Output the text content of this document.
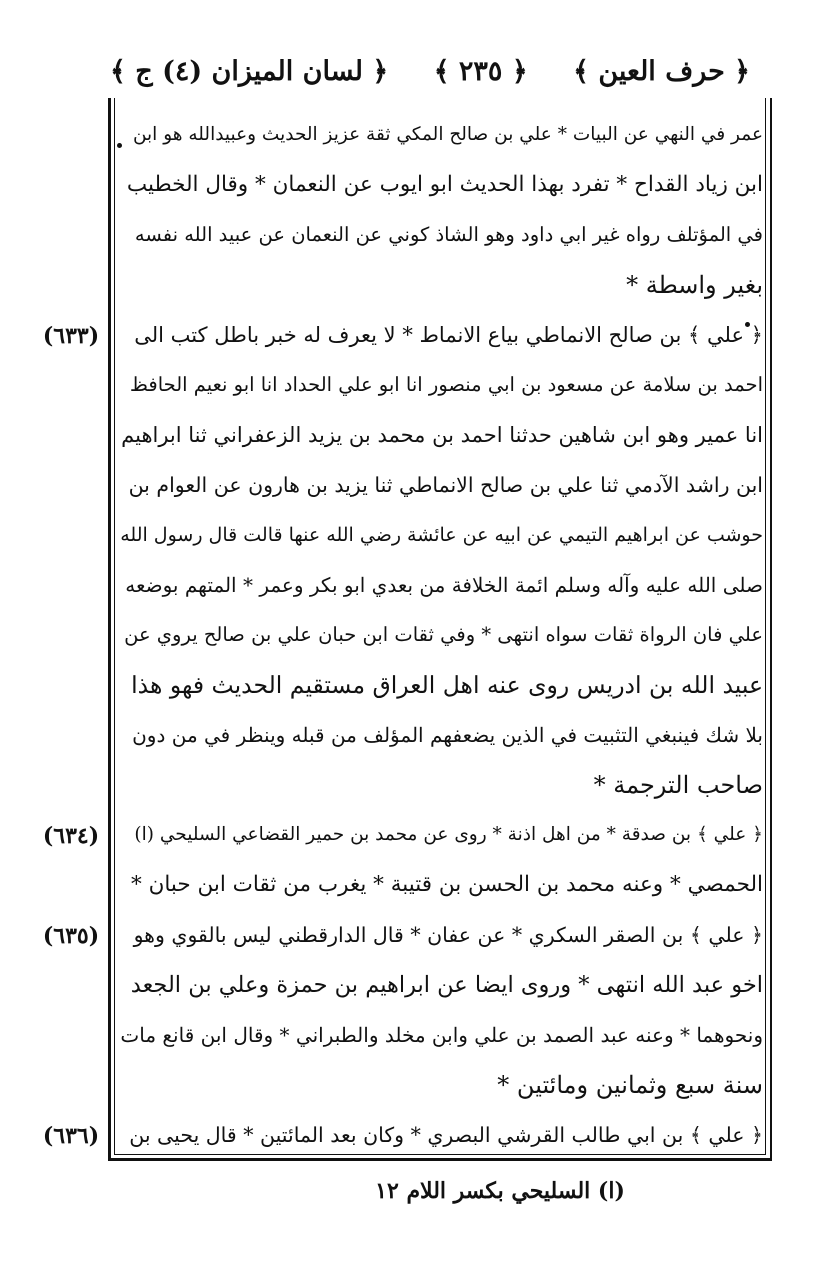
﴿ حرف العين ﴾
﴿ ٢٣٥ ﴾
﴿ لسان الميزان (٤) ج ﴾
عمر في النهي عن البيات * علي بن صالح المكي ثقة عزيز الحديث وعبيدالله هو ابن
ابن زياد القداح * تفرد بهذا الحديث ابو ايوب عن النعمان * وقال الخطيب
في المؤتلف رواه غير ابي داود وهو الشاذ كوني عن النعمان عن عبيد الله نفسه
بغير واسطة *
﴿ علي ﴾ بن صالح الانماطي بياع الانماط * لا يعرف له خبر باطل كتب الى
احمد بن سلامة عن مسعود بن ابي منصور انا ابو علي الحداد انا ابو نعيم الحافظ
انا عمير وهو ابن شاهين حدثنا احمد بن محمد بن يزيد الزعفراني ثنا ابراهيم
ابن راشد الآدمي ثنا علي بن صالح الانماطي ثنا يزيد بن هارون عن العوام بن
حوشب عن ابراهيم التيمي عن ابيه عن عائشة رضي الله عنها قالت قال رسول الله
صلى الله عليه وآله وسلم ائمة الخلافة من بعدي ابو بكر وعمر * المتهم بوضعه
علي فان الرواة ثقات سواه انتهى * وفي ثقات ابن حبان علي بن صالح يروي عن
عبيد الله بن ادريس روى عنه اهل العراق مستقيم الحديث فهو هذا
بلا شك فينبغي التثبيت في الذين يضعفهم المؤلف من قبله وينظر في من دون
صاحب الترجمة *
﴿ علي ﴾ بن صدقة * من اهل اذنة * روى عن محمد بن حمير القضاعي السليحي (ا)
الحمصي * وعنه محمد بن الحسن بن قتيبة * يغرب من ثقات ابن حبان *
﴿ علي ﴾ بن الصقر السكري * عن عفان * قال الدارقطني ليس بالقوي وهو
اخو عبد الله انتهى * وروى ايضا عن ابراهيم بن حمزة وعلي بن الجعد
ونحوهما * وعنه عبد الصمد بن علي وابن مخلد والطبراني * وقال ابن قانع مات
سنة سبع وثمانين ومائتين *
﴿ علي ﴾ بن ابي طالب القرشي البصري * وكان بعد المائتين * قال يحيى بن
(٦٣٣)
(٦٣٤)
(٦٣٥)
(٦٣٦)
(ا) السليحي بكسر اللام ١٢
